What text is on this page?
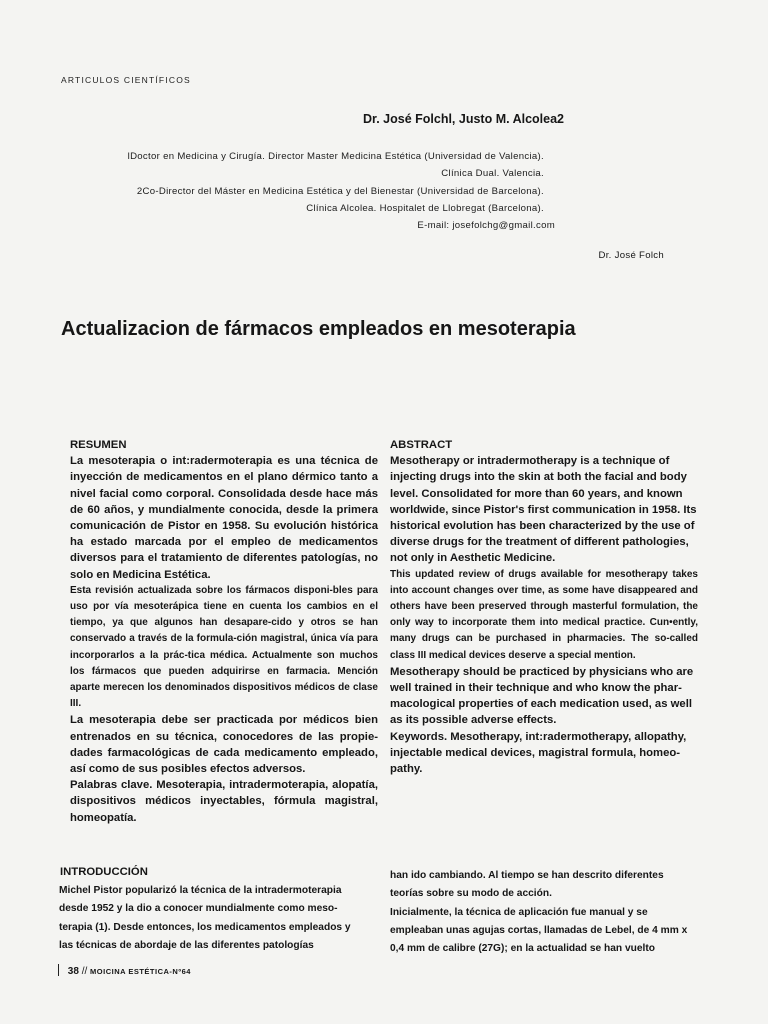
ARTICULOS CIENTÍFICOS
Dr. José Folchl, Justo M. Alcolea2
lDoctor en Medicina y Cirugía. Director Master Medicina Estética (Universidad de Valencia).
Clínica Dual. Valencia.
2Co-Director del Máster en Medicina Estética y del Bienestar (Universidad de Barcelona).
Clínica Alcolea. Hospitalet de Llobregat (Barcelona).
E-mail: josefolchg@gmail.com
Dr. José Folch
Actualizacion de fármacos empleados en mesoterapia
RESUMEN

La mesoterapia o int:radermoterapia es una técnica de inyección de medicamentos en el plano dérmico tanto a nivel facial como corporal. Consolidada desde hace más de 60 años, y mundialmente conocida, desde la primera comunicación de Pistor en 1958. Su evolución histórica ha estado marcada por el empleo de medicamentos diversos para el tratamiento de diferentes patologías, no solo en Medicina Estética.

Esta revisión actualizada sobre los fármacos disponi-bles para uso por vía mesoterápica tiene en cuenta los cambios en el tiempo, ya que algunos han desapare-cido y otros se han conservado a través de la formula-ción magistral, única vía para incorporarlos a la prác-tica médica. Actualmente son muchos los fármacos que pueden adquirirse en farmacia. Mención aparte merecen los denominados dispositivos médicos de clase III.

La mesoterapia debe ser practicada por médicos bien entrenados en su técnica, conocedores de las propie-dades farmacológicas de cada medicamento empleado, así como de sus posibles efectos adversos.

Palabras clave. Mesoterapia, intradermoterapia, alopatía, dispositivos médicos inyectables, fórmula magistral, homeopatía.

ABSTRACT

Mesotherapy or intradermotherapy is a technique of injecting drugs into the skin at both the facial and body level. Consolidated for more than 60 years, and known worldwide, since Pistor's first communication in 1958. Its historical evolution has been characterized by the use of diverse drugs for the treatment of different pathologies, not only in Aesthetic Medicine.

This updated review of drugs available for mesotherapy takes into account changes over time, as some have disappeared and others have been preserved through masterful formulation, the only way to incorporate them into medical practice. Cun•ently, many drugs can be purchased in pharmacies. The so-called class III medical devices deserve a special mention.

Mesotherapy should be practiced by physicians who are well trained in their technique and who know the phar-macological properties of each medication used, as well as its possible adverse effects.

Keywords. Mesotherapy, int:radermotherapy, allopathy, injectable medical devices, magistral formula, homeo-pathy.

INTRODUCCIÓN
Michel Pistor popularizó la técnica de la intradermoterapia
desde 1952 y la dio a conocer mundialmente como meso-
terapia (1). Desde entonces, los medicamentos empleados y
las técnicas de abordaje de las diferentes patologías
han ido cambiando. Al tiempo se han descrito diferentes
teorías sobre su modo de acción.
Inicialmente, la técnica de aplicación fue manual y se
empleaban unas agujas cortas, llamadas de Lebel, de 4 mm x
0,4 mm de calibre (27G); en la actualidad se han vuelto
38 // MOICINA ESTÉTICA-Nº64
